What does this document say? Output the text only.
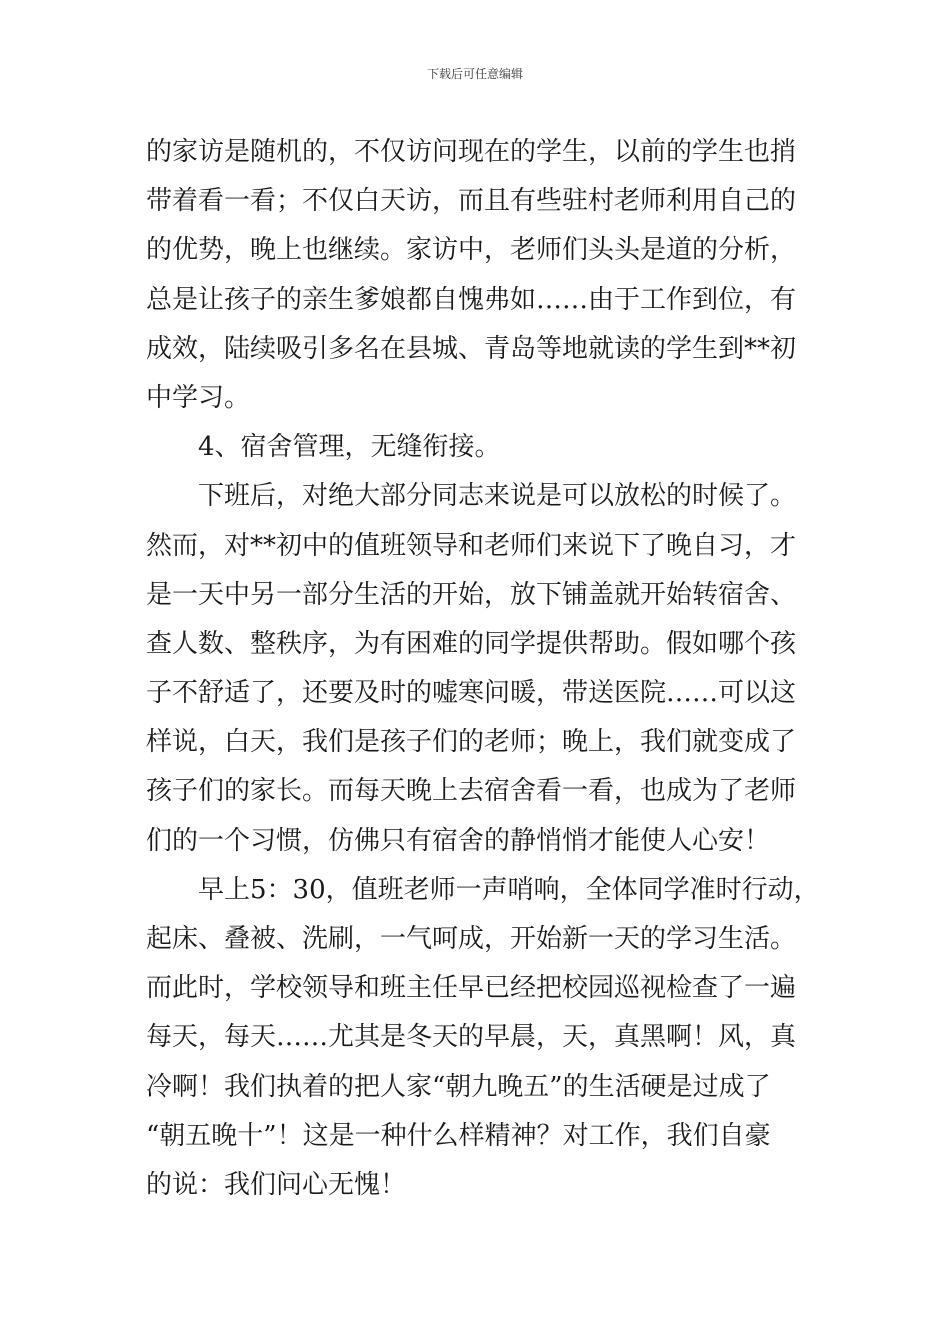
下载后可任意编辑
的家访是随机的，不仅访问现在的学生，以前的学生也捎
带着看一看；不仅白天访，而且有些驻村老师利用自己的
的优势，晚上也继续。家访中，老师们头头是道的分析，
总是让孩子的亲生爹娘都自愧弗如……由于工作到位，有
成效，陆续吸引多名在县城、青岛等地就读的学生到**初
中学习。
4、宿舍管理，无缝衔接。
下班后，对绝大部分同志来说是可以放松的时候了。
然而，对**初中的值班领导和老师们来说下了晚自习，才
是一天中另一部分生活的开始，放下铺盖就开始转宿舍、
查人数、整秩序，为有困难的同学提供帮助。假如哪个孩
子不舒适了，还要及时的嘘寒问暖，带送医院……可以这
样说，白天，我们是孩子们的老师；晚上，我们就变成了
孩子们的家长。而每天晚上去宿舍看一看，也成为了老师
们的一个习惯，仿佛只有宿舍的静悄悄才能使人心安！
早上5：30，值班老师一声哨响，全体同学准时行动，
起床、叠被、洗刷，一气呵成，开始新一天的学习生活。
而此时，学校领导和班主任早已经把校园巡视检查了一遍
每天，每天……尤其是冬天的早晨，天，真黑啊！风，真
冷啊！我们执着的把人家“朝九晚五”的生活硬是过成了
“朝五晚十”！这是一种什么样精神？对工作，我们自豪
的说：我们问心无愧！
